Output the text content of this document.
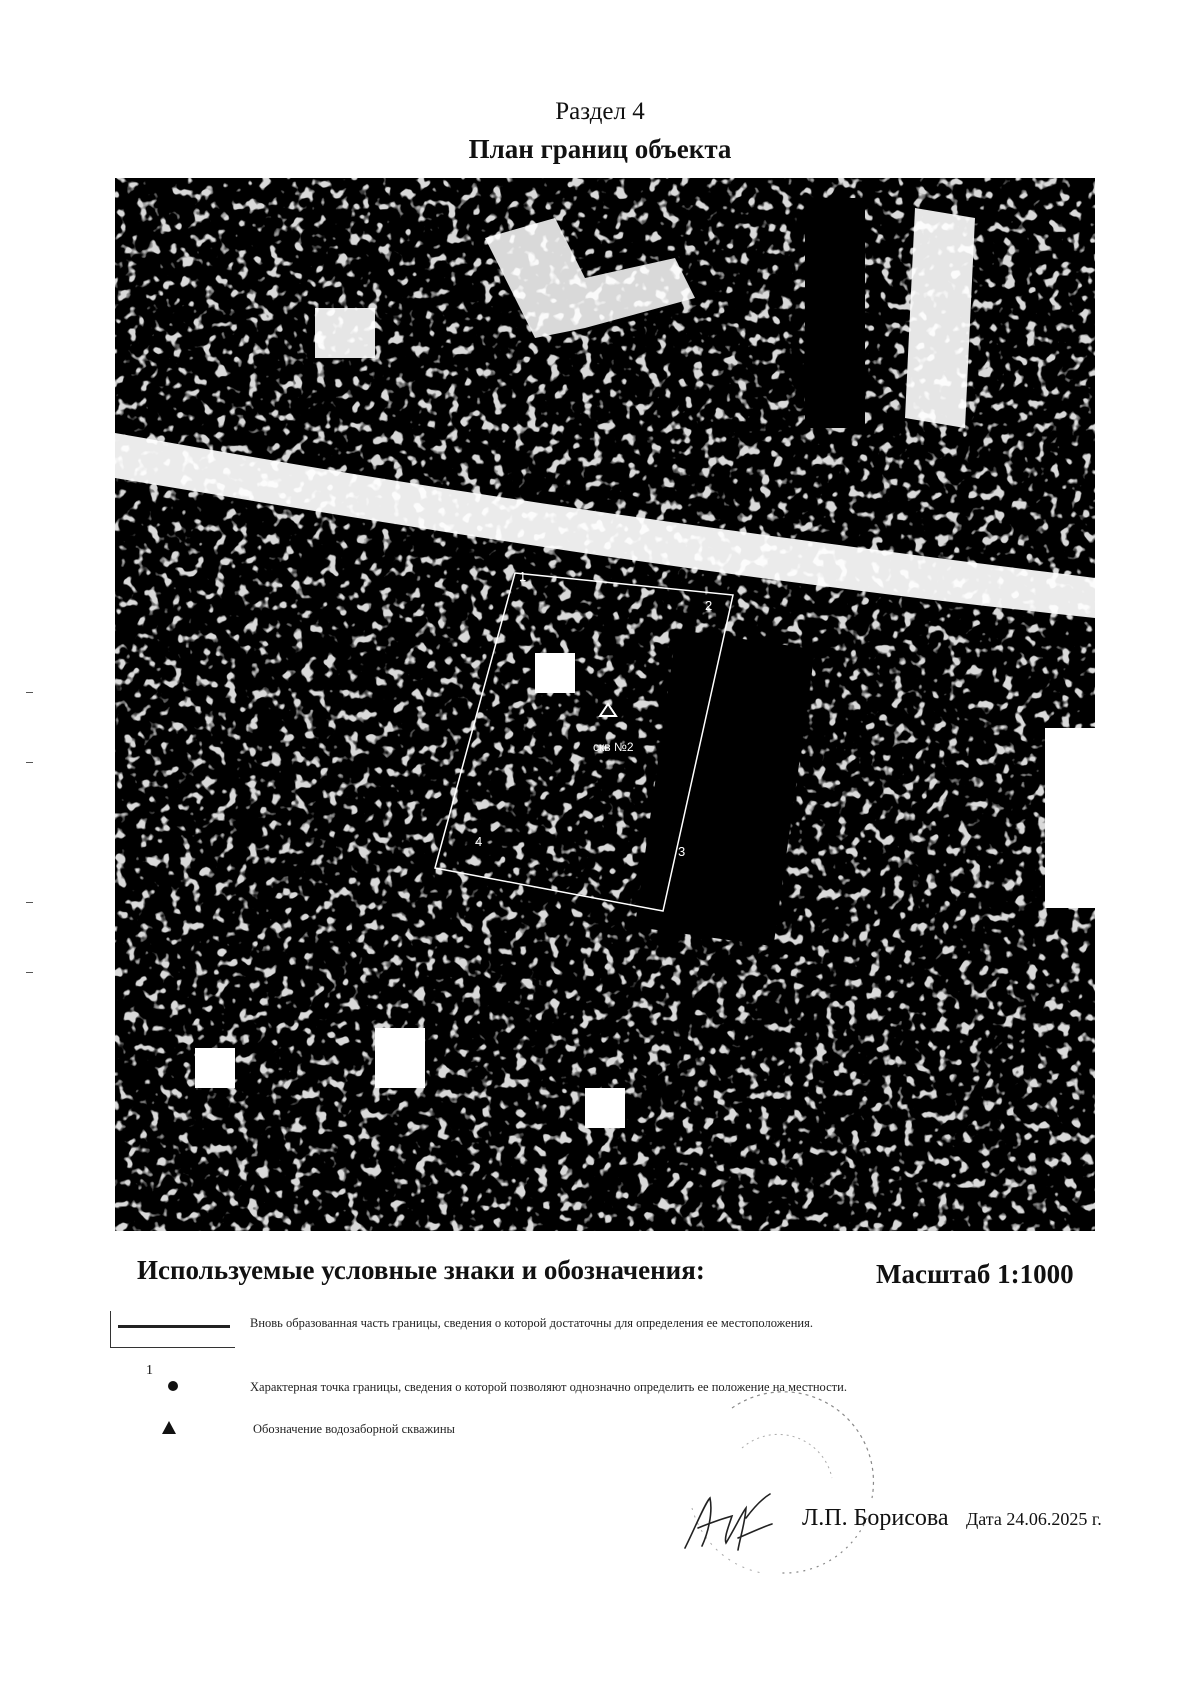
Раздел 4
План границ объекта
1
2
3
4
скв №2
Используемые условные знаки и обозначения:	Масштаб 1:1000
Вновь образованная часть границы, сведения о которой достаточны для определения ее местоположения.
1
Характерная точка границы, сведения о которой позволяют однозначно определить ее положение на местности.
Обозначение водозаборной скважины
Л.П. Борисова Дата 24.06.2025 г.
